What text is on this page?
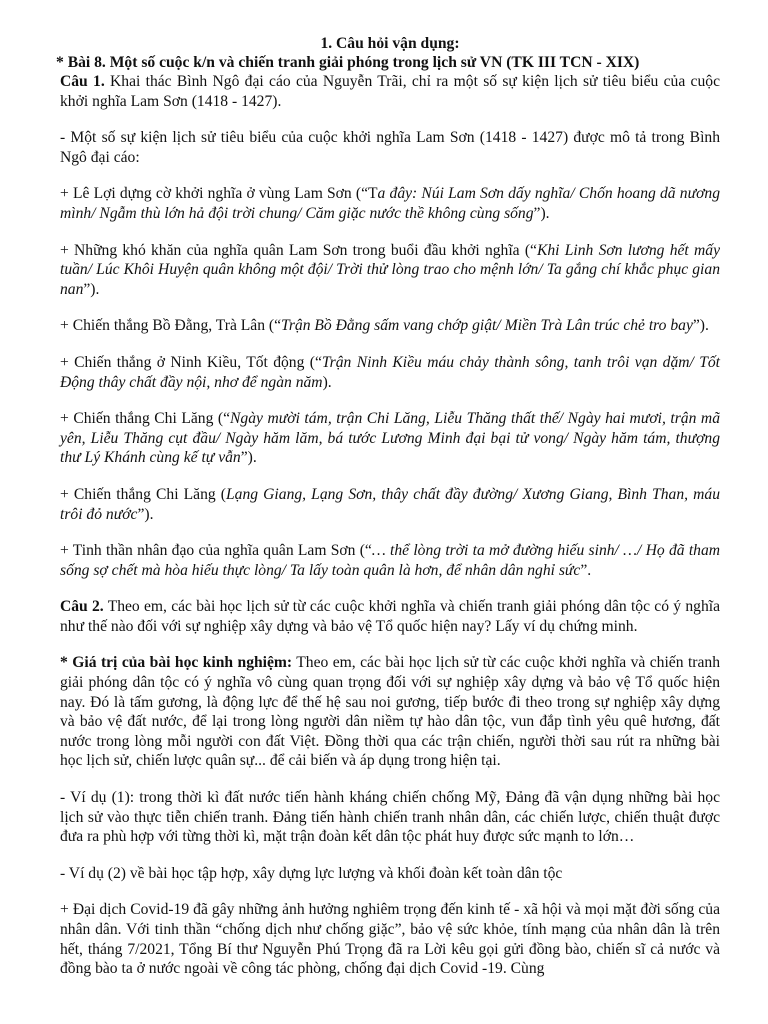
1. Câu hỏi vận dụng:
* Bài 8. Một số cuộc k/n và chiến tranh giải phóng trong lịch sử VN (TK III TCN - XIX)

Câu 1. Khai thác Bình Ngô đại cáo của Nguyễn Trãi, chỉ ra một số sự kiện lịch sử tiêu biểu của cuộc khởi nghĩa Lam Sơn (1418 - 1427).

- Một số sự kiện lịch sử tiêu biểu của cuộc khởi nghĩa Lam Sơn (1418 - 1427) được mô tả trong Bình Ngô đại cáo:

+ Lê Lợi dựng cờ khởi nghĩa ở vùng Lam Sơn (“Ta đây: Núi Lam Sơn dấy nghĩa/ Chốn hoang dã nương mình/ Ngẫm thù lớn hả đội trời chung/ Căm giặc nước thề không cùng sống”).

+ Những khó khăn của nghĩa quân Lam Sơn trong buổi đầu khởi nghĩa (“Khi Linh Sơn lương hết mấy tuần/ Lúc Khôi Huyện quân không một đội/ Trời thử lòng trao cho mệnh lớn/ Ta gắng chí khắc phục gian nan”).

+ Chiến thắng Bồ Đằng, Trà Lân (“Trận Bồ Đằng sấm vang chớp giật/ Miền Trà Lân trúc chẻ tro bay”).

+ Chiến thắng ở Ninh Kiều, Tốt động (“Trận Ninh Kiều máu chảy thành sông, tanh trôi vạn dặm/ Tốt Động thây chất đầy nội, nhơ để ngàn năm).

+ Chiến thắng Chi Lăng (“Ngày mười tám, trận Chi Lăng, Liễu Thăng thất thế/ Ngày hai mươi, trận mã yên, Liễu Thăng cụt đầu/ Ngày hăm lăm, bá tước Lương Minh đại bại tử vong/ Ngày hăm tám, thượng thư Lý Khánh cùng kế tự vẫn”).

+ Chiến thắng Chi Lăng (Lạng Giang, Lạng Sơn, thây chất đầy đường/ Xương Giang, Bình Than, máu trôi đỏ nước”).

+ Tinh thần nhân đạo của nghĩa quân Lam Sơn (“… thể lòng trời ta mở đường hiếu sinh/ …/ Họ đã tham sống sợ chết mà hòa hiếu thực lòng/ Ta lấy toàn quân là hơn, để nhân dân nghỉ sức”.

Câu 2. Theo em, các bài học lịch sử từ các cuộc khởi nghĩa và chiến tranh giải phóng dân tộc có ý nghĩa như thế nào đối với sự nghiệp xây dựng và bảo vệ Tổ quốc hiện nay? Lấy ví dụ chứng minh.

* Giá trị của bài học kinh nghiệm: Theo em, các bài học lịch sử từ các cuộc khởi nghĩa và chiến tranh giải phóng dân tộc có ý nghĩa vô cùng quan trọng đối với sự nghiệp xây dựng và bảo vệ Tổ quốc hiện nay. Đó là tấm gương, là động lực để thế hệ sau noi gương, tiếp bước đi theo trong sự nghiệp xây dựng và bảo vệ đất nước, để lại trong lòng người dân niềm tự hào dân tộc, vun đắp tình yêu quê hương, đất nước trong lòng mỗi người con đất Việt. Đồng thời qua các trận chiến, người thời sau rút ra những bài học lịch sử, chiến lược quân sự... để cải biến và áp dụng trong hiện tại.

- Ví dụ (1): trong thời kì đất nước tiến hành kháng chiến chống Mỹ, Đảng đã vận dụng những bài học lịch sử vào thực tiễn chiến tranh. Đảng tiến hành chiến tranh nhân dân, các chiến lược, chiến thuật được đưa ra phù hợp với từng thời kì, mặt trận đoàn kết dân tộc phát huy được sức mạnh to lớn…

- Ví dụ (2) về bài học tập hợp, xây dựng lực lượng và khối đoàn kết toàn dân tộc

+ Đại dịch Covid-19 đã gây những ảnh hưởng nghiêm trọng đến kinh tế - xã hội và mọi mặt đời sống của nhân dân. Với tinh thần “chống dịch như chống giặc”, bảo vệ sức khỏe, tính mạng của nhân dân là trên hết, tháng 7/2021, Tổng Bí thư Nguyễn Phú Trọng đã ra Lời kêu gọi gửi đồng bào, chiến sĩ cả nước và đồng bào ta ở nước ngoài về công tác phòng, chống đại dịch Covid -19. Cùng
